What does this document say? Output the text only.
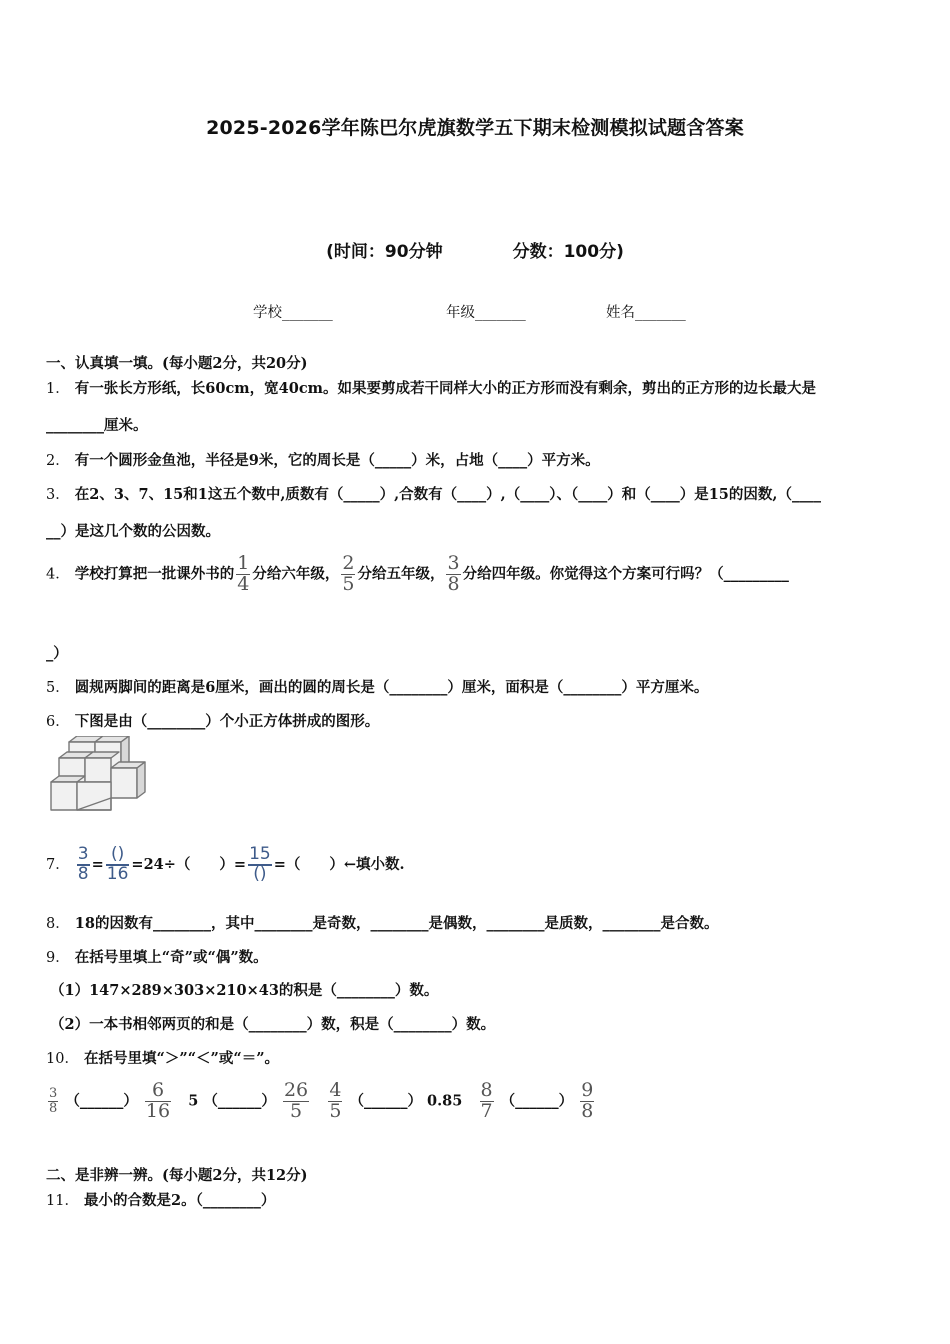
2025-2026学年陈巴尔虎旗数学五下期末检测模拟试题含答案
(时间：90分钟	分数：100分)
学校_______	年级_______	姓名_______
一、认真填一填。(每小题2分，共20分)
1． 有一张长方形纸，长60cm，宽40cm。如果要剪成若干同样大小的正方形而没有剩余，剪出的正方形的边长最大是
________厘米。
2． 有一个圆形金鱼池，半径是9米，它的周长是（_____）米，占地（____）平方米。
3． 在2、3、7、15和1这五个数中,质数有（_____）,合数有（____）,（____）、（____）和（____）是15的因数,（____
__）是这几个数的公因数。
4． 学校打算把一批课外书的 $\frac{1}{4}$ 分给六年级， $\frac{2}{5}$ 分给五年级， $\frac{3}{8}$ 分给四年级。你觉得这个方案可行吗？（_________
_）
5． 圆规两脚间的距离是6厘米，画出的圆的周长是（________）厘米，面积是（________）平方厘米。
6． 下图是由（________）个小正方体拼成的图形。
7． $\frac{3}{8} = \frac{()}{16} =24\div$（　　）= $\frac{15}{()}$ =（　　）←填小数.
8． 18的因数有________，其中________是奇数，________是偶数，________是质数，________是合数。
9． 在括号里填上“奇”或“偶”数。
（1）147×289×303×210×43的积是（________）数。
（2）一本书相邻两页的和是（________）数，积是（________）数。
10． 在括号里填“＞”“＜”或“＝”。
$\frac{3}{8}$ （______） $\frac{6}{16} 5$ （______） $\frac{26}{5}$
$\frac{4}{5}$ （______） $0.85 \frac{8}{7}$ （______） $\frac{9}{8}$
二、是非辨一辨。(每小题2分，共12分)
11． 最小的合数是2。（________）
